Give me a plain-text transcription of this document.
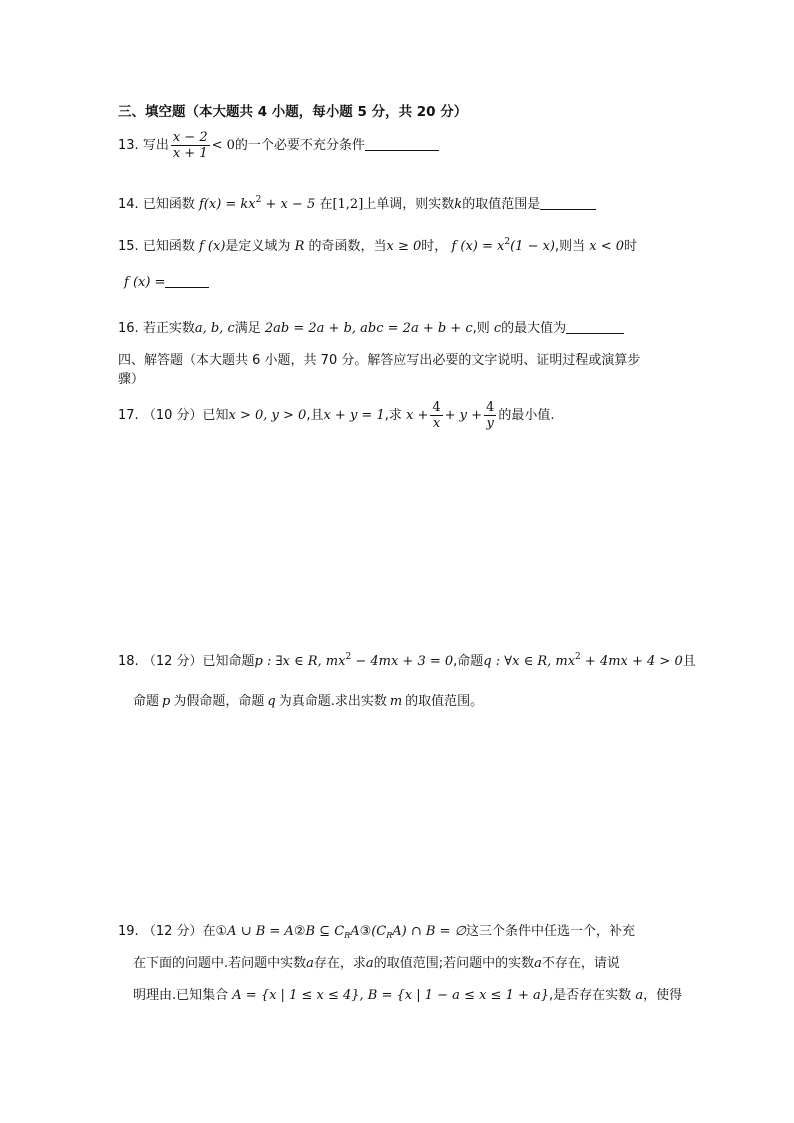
三、填空题（本大题共 4 小题，每小题 5 分，共 20 分）
13. 写出 $\frac{x - 2}{x + 1} < 0$的一个必要不充分条件
14. 已知函数 $f(x) = kx^2 + x - 5$ 在[1,2]上单调，则实数k的取值范围是
15. 已知函数 f (x)是定义域为 R 的奇函数，当x ≥ 0时， f $(x) = x^2(1 - x)$,则当 x < 0时
f (x) =
16. 若正实数a, b, c满足 2ab = 2a + b, abc = 2a + b + c,则 c的最大值为
四、解答题（本大题共 6 小题，共 70 分。解答应写出必要的文字说明、证明过程或演算步
骤）
17. （10 分）已知x > 0, y > 0,且x + y = 1,求 $x + \frac{4}{x} + y + \frac{4}{y}$ 的最小值.
18. （12 分）已知命题p : ∃x ∈ R, $mx^2 - 4mx + 3 = 0$,命题q : ∀x ∈ R, $mx^2 + 4mx + 4 > 0$且
命题 p 为假命题，命题 q 为真命题.求出实数 m 的取值范围。
19. （12 分）在①A ∪ B = A②B ⊆ $C_RA③(C_RA)$ ∩ B = ∅这三个条件中任选一个，补充
在下面的问题中.若问题中实数a存在，求a的取值范围;若问题中的实数a不存在，请说
明理由.已知集合 A = {x | 1 ≤ x ≤ 4}, B = {x | 1 − a ≤ x ≤ 1 + a},是否存在实数 a，使得
